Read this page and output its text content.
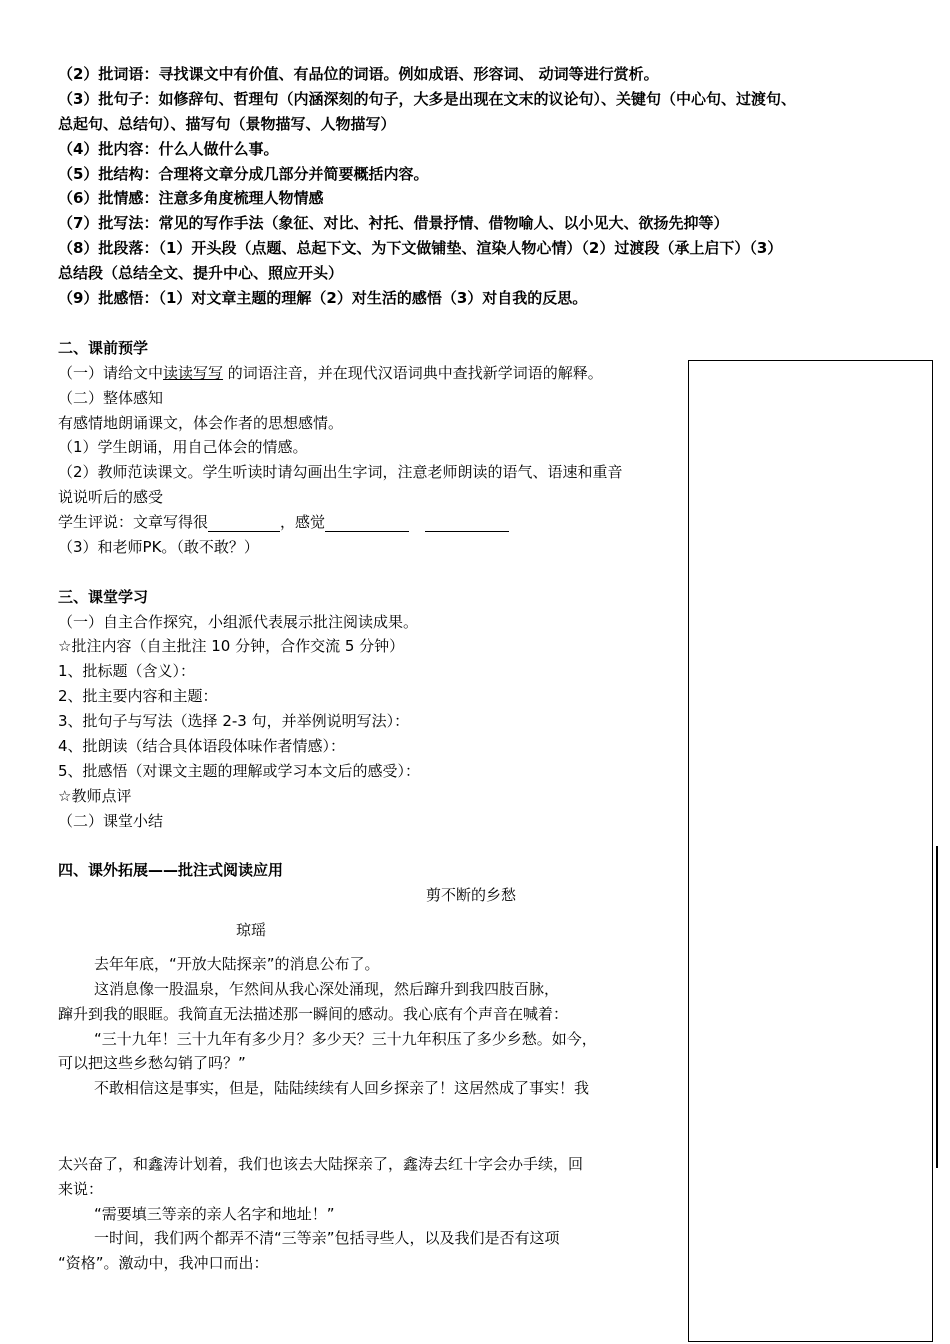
（2）批词语：寻找课文中有价值、有品位的词语。例如成语、形容词、 动词等进行赏析。
（3）批句子：如修辞句、哲理句（内涵深刻的句子，大多是出现在文末的议论句）、关键句（中心句、过渡句、
总起句、总结句）、描写句（景物描写、人物描写）
（4）批内容：什么人做什么事。
（5）批结构：合理将文章分成几部分并简要概括内容。
（6）批情感：注意多角度梳理人物情感
（7）批写法：常见的写作手法（象征、对比、衬托、借景抒情、借物喻人、以小见大、欲扬先抑等）
（8）批段落：（1）开头段（点题、总起下文、为下文做铺垫、渲染人物心情）（2）过渡段（承上启下）（3）
总结段（总结全文、提升中心、照应开头）
（9）批感悟：（1）对文章主题的理解（2）对生活的感悟（3）对自我的反思。
二、课前预学
（一）请给文中读读写写 的词语注音，并在现代汉语词典中查找新学词语的解释。
（二）整体感知
有感情地朗诵课文，体会作者的思想感情。
（1）学生朗诵，用自己体会的情感。
（2）教师范读课文。学生听读时请勾画出生字词，注意老师朗读的语气、语速和重音
说说听后的感受
学生评说：文章写得很	，感觉
（3）和老师PK。（敢不敢？）
三、课堂学习
（一）自主合作探究，小组派代表展示批注阅读成果。
☆批注内容（自主批注 10 分钟，合作交流 5 分钟）
1、批标题（含义）：
2、批主要内容和主题：
3、批句子与写法（选择 2-3 句，并举例说明写法）：
4、批朗读（结合具体语段体味作者情感）：
5、批感悟（对课文主题的理解或学习本文后的感受）：
☆教师点评
（二）课堂小结
四、课外拓展——批注式阅读应用
剪不断的乡愁
琼瑶
去年年底，“开放大陆探亲”的消息公布了。
这消息像一股温泉，乍然间从我心深处涌现，然后蹿升到我四肢百脉，
蹿升到我的眼眶。我简直无法描述那一瞬间的感动。我心底有个声音在喊着：
“三十九年！三十九年有多少月？多少天？三十九年积压了多少乡愁。如今，
可以把这些乡愁勾销了吗？”
不敢相信这是事实，但是，陆陆续续有人回乡探亲了！这居然成了事实！我
太兴奋了，和鑫涛计划着，我们也该去大陆探亲了，鑫涛去红十字会办手续，回
来说：
“需要填三等亲的亲人名字和地址！”
一时间，我们两个都弄不清“三等亲”包括寻些人，以及我们是否有这项
“资格”。激动中，我冲口而出：
